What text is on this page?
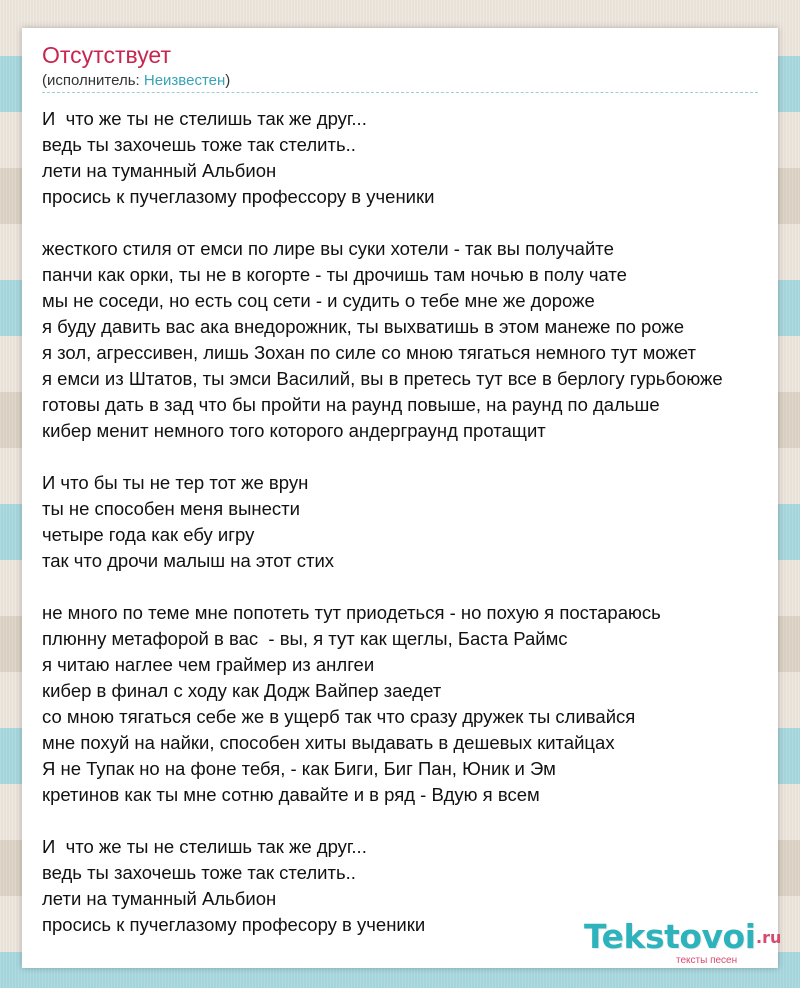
Отсутствует
(исполнитель: Неизвестен)
И  что же ты не стелишь так же друг...
ведь ты захочешь тоже так стелить..
лети на туманный Альбион
просись к пучеглазому профессору в ученики
жесткого стиля от емси по лире вы суки хотели - так вы получайте
панчи как орки, ты не в когорте - ты дрочишь там ночью в полу чате
мы не соседи, но есть соц сети - и судить о тебе мне же дороже
я буду давить вас ака внедорожник, ты выхватишь в этом манеже по роже
я зол, агрессивен, лишь Зохан по силе со мною тягаться немного тут может
я емси из Штатов, ты эмси Василий, вы в претесь тут все в берлогу гурьбоюже
готовы дать в зад что бы пройти на раунд повыше, на раунд по дальше
кибер менит немного того которого андерграунд протащит
И что бы ты не тер тот же врун
ты не способен меня вынести
четыре года как ебу игру
так что дрочи малыш на этот стих
не много по теме мне попотеть тут приодеться - но похую я постараюсь
плюнну метафорой в вас  - вы, я тут как щеглы, Баста Раймс
я читаю наглее чем граймер из анлгеи
кибер в финал с ходу как Додж Вайпер заедет
со мною тягаться себе же в ущерб так что сразу дружек ты сливайся
мне похуй на найки, способен хиты выдавать в дешевых китайцах
Я не Тупак но на фоне тебя, - как Биги, Биг Пан, Юник и Эм
кретинов как ты мне сотню давайте и в ряд - Вдую я всем
И  что же ты не стелишь так же друг...
ведь ты захочешь тоже так стелить..
лети на туманный Альбион
просись к пучеглазому професору в ученики	Tekstovoi .ru
тексты песен
